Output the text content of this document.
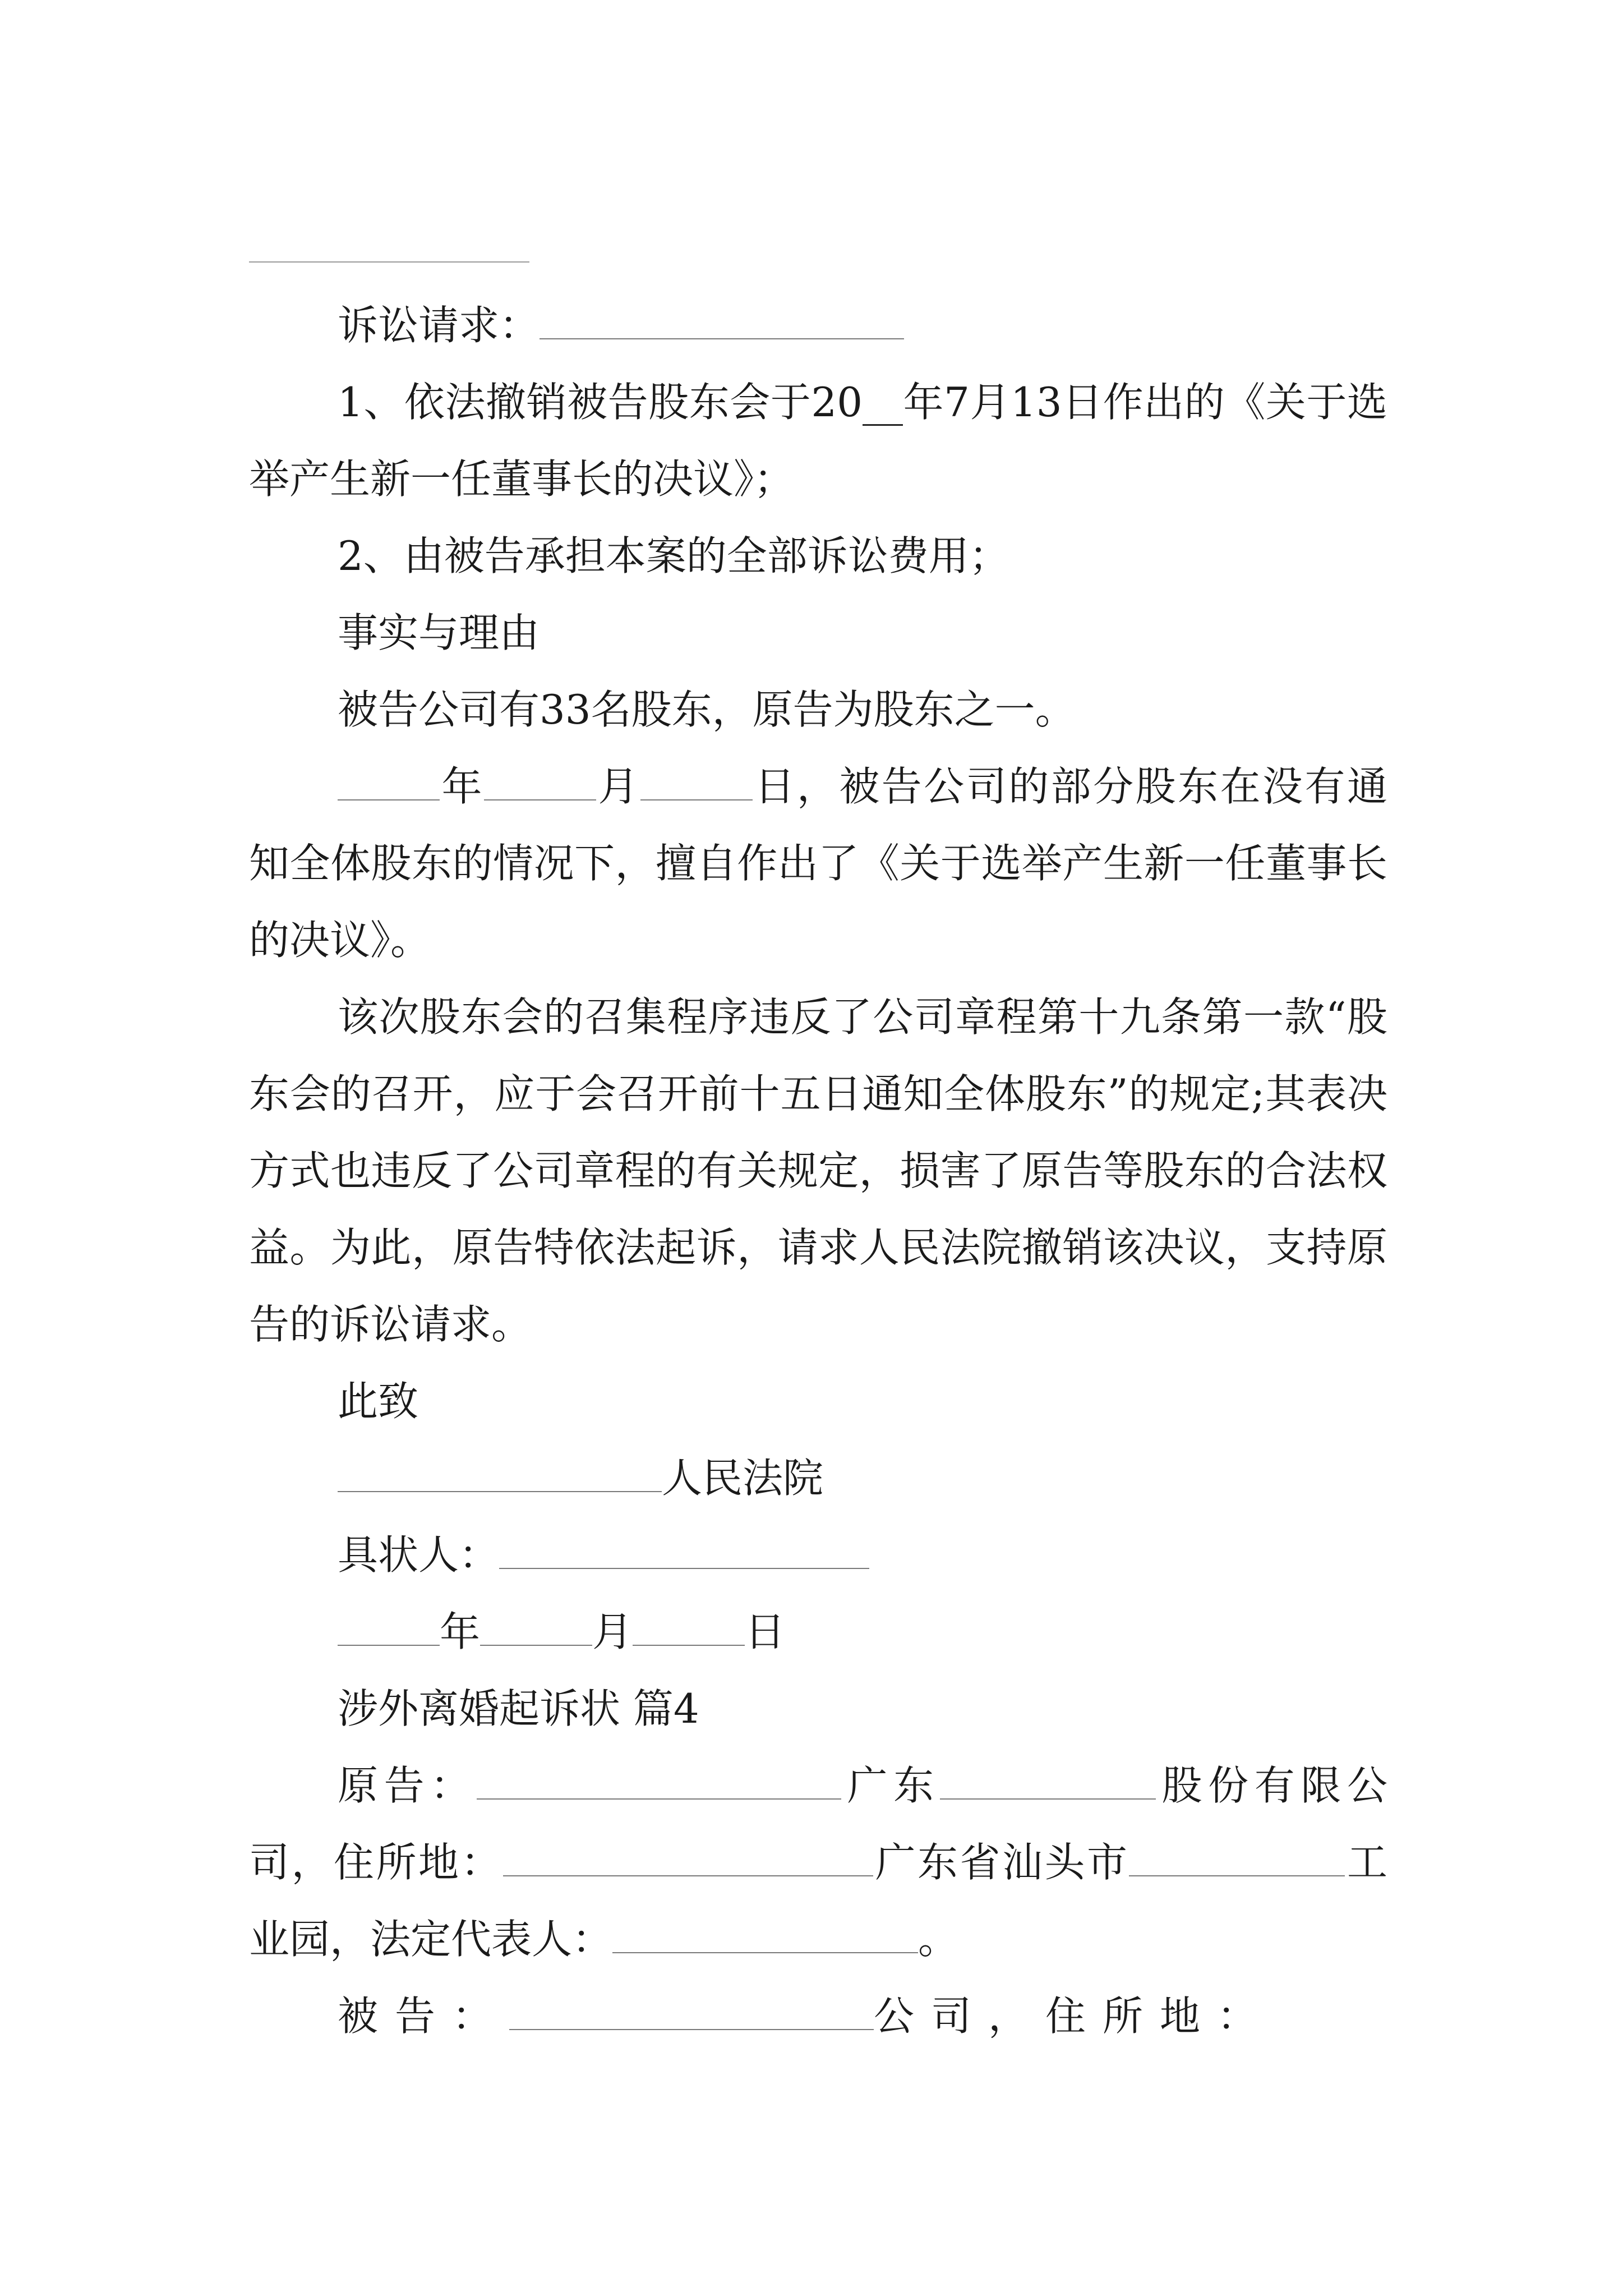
诉讼请求：

1、依法撤销被告股东会于20__年7月13日作出的《关于选举产生新一任董事长的决议》；

2、由被告承担本案的全部诉讼费用；

事实与理由

被告公司有33名股东，原告为股东之一。

年	月	日，被告公司的部分股东在没有通知全体股东的情况下，擅自作出了《关于选举产生新一任董事长的决议》。

该次股东会的召集程序违反了公司章程第十九条第一款“股东会的召开，应于会召开前十五日通知全体股东”的规定;其表决方式也违反了公司章程的有关规定，损害了原告等股东的合法权益。为此，原告特依法起诉，请求人民法院撤销该决议，支持原告的诉讼请求。

此致

人民法院

具状人：

年	月	日

涉外离婚起诉状 篇4

原告：	广东	股份有限公司，住所地：	广东省汕头市	工业园，法定代表人：	。

被告：	公司，住所地：
